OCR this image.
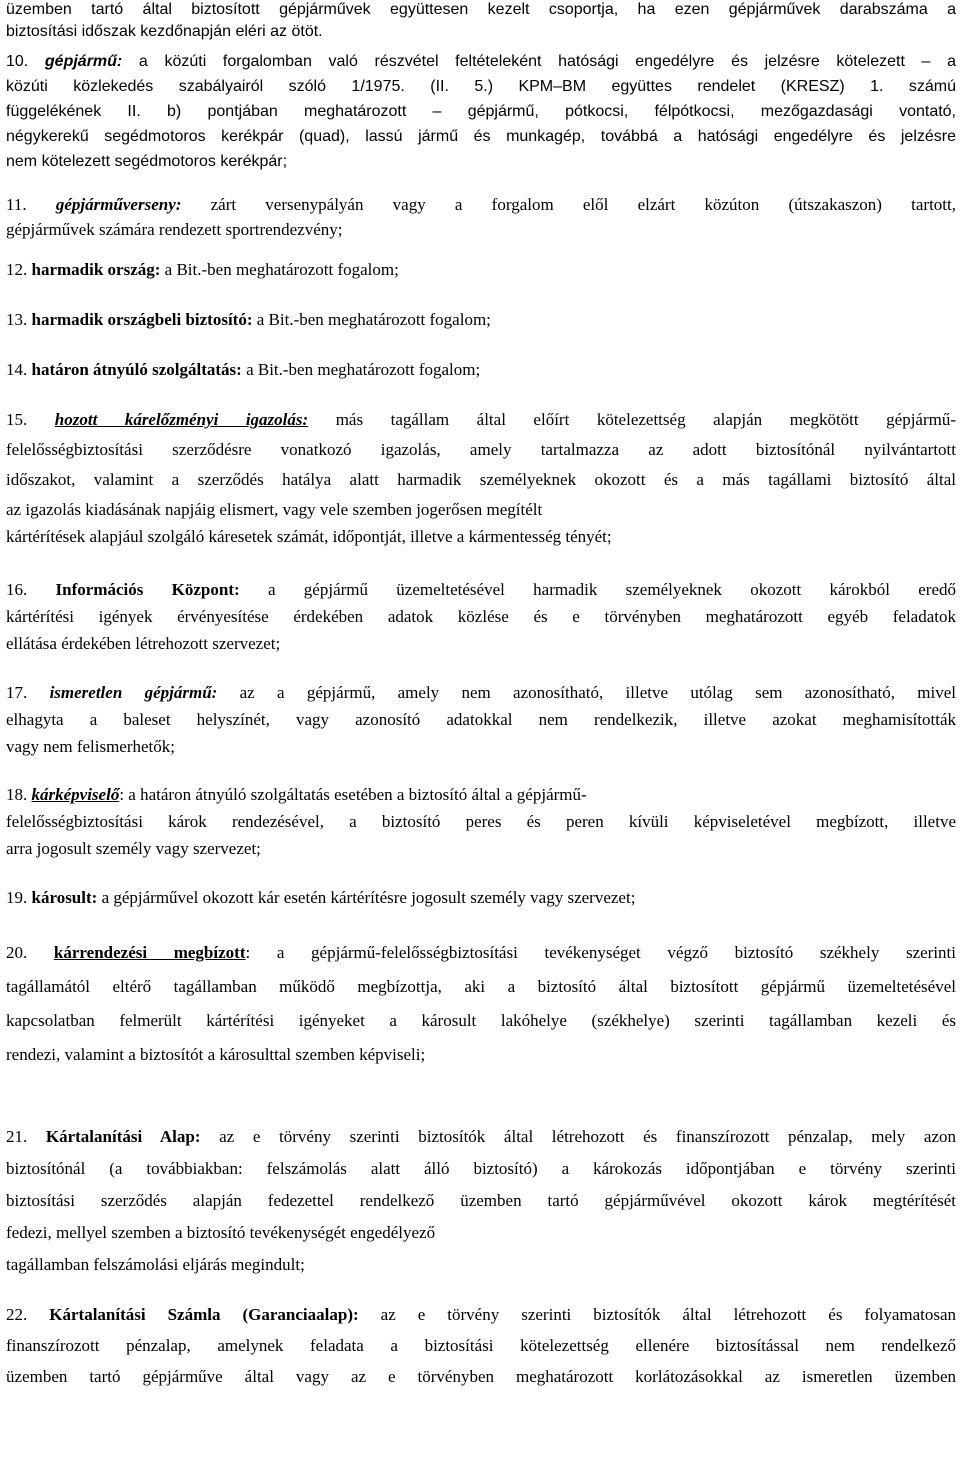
üzemben tartó által biztosított gépjárművek együttesen kezelt csoportja, ha ezen gépjárművek darabszáma a
biztosítási időszak kezdőnapján eléri az ötöt.
10. gépjármű: a közúti forgalomban való részvétel feltételeként hatósági engedélyre és jelzésre kötelezett – a
közúti közlekedés szabályairól szóló 1/1975. (II. 5.) KPM–BM együttes rendelet (KRESZ) 1. számú
függelékének II. b) pontjában meghatározott – gépjármű, pótkocsi, félpótkocsi, mezőgazdasági vontató,
négykerekű segédmotoros kerékpár (quad), lassú jármű és munkagép, továbbá a hatósági engedélyre és jelzésre
nem kötelezett segédmotoros kerékpár;
11. gépjárműverseny: zárt versenypályán vagy a forgalom elől elzárt közúton (útszakaszon) tartott,
gépjárművek számára rendezett sportrendezvény;
12. harmadik ország: a Bit.-ben meghatározott fogalom;
13. harmadik országbeli biztosító: a Bit.-ben meghatározott fogalom;
14. határon átnyúló szolgáltatás: a Bit.-ben meghatározott fogalom;
15. hozott kárelőzményi igazolás: más tagállam által előírt kötelezettség alapján megkötött gépjármű-
felelősségbiztosítási szerződésre vonatkozó igazolás, amely tartalmazza az adott biztosítónál nyilvántartott
időszakot, valamint a szerződés hatálya alatt harmadik személyeknek okozott és a más tagállami biztosító által
az igazolás kiadásának napjáig elismert, vagy vele szemben jogerősen megítélt
kártérítések alapjául szolgáló káresetek számát, időpontját, illetve a kármentesség tényét;
16. Információs Központ: a gépjármű üzemeltetésével harmadik személyeknek okozott károkból eredő
kártérítési igények érvényesítése érdekében adatok közlése és e törvényben meghatározott egyéb feladatok
ellátása érdekében létrehozott szervezet;
17. ismeretlen gépjármű: az a gépjármű, amely nem azonosítható, illetve utólag sem azonosítható, mivel
elhagyta a baleset helyszínét, vagy azonosító adatokkal nem rendelkezik, illetve azokat meghamisították
vagy nem felismerhetők;
18. kárképviselő: a határon átnyúló szolgáltatás esetében a biztosító által a gépjármű-
felelősségbiztosítási károk rendezésével, a biztosító peres és peren kívüli képviseletével megbízott, illetve
arra jogosult személy vagy szervezet;
19. károsult: a gépjárművel okozott kár esetén kártérítésre jogosult személy vagy szervezet;
20. kárrendezési megbízott: a gépjármű-felelősségbiztosítási tevékenységet végző biztosító székhely szerinti
tagállamától eltérő tagállamban működő megbízottja, aki a biztosító által biztosított gépjármű üzemeltetésével
kapcsolatban felmerült kártérítési igényeket a károsult lakóhelye (székhelye) szerinti tagállamban kezeli és
rendezi, valamint a biztosítót a károsulttal szemben képviseli;
21. Kártalanítási Alap: az e törvény szerinti biztosítók által létrehozott és finanszírozott pénzalap, mely azon
biztosítónál (a továbbiakban: felszámolás alatt álló biztosító) a károkozás időpontjában e törvény szerinti
biztosítási szerződés alapján fedezettel rendelkező üzemben tartó gépjárművével okozott károk megtérítését
fedezi, mellyel szemben a biztosító tevékenységét engedélyező
tagállamban felszámolási eljárás megindult;
22. Kártalanítási Számla (Garanciaalap): az e törvény szerinti biztosítók által létrehozott és folyamatosan
finanszírozott pénzalap, amelynek feladata a biztosítási kötelezettség ellenére biztosítással nem rendelkező
üzemben tartó gépjárműve által vagy az e törvényben meghatározott korlátozásokkal az ismeretlen üzemben
